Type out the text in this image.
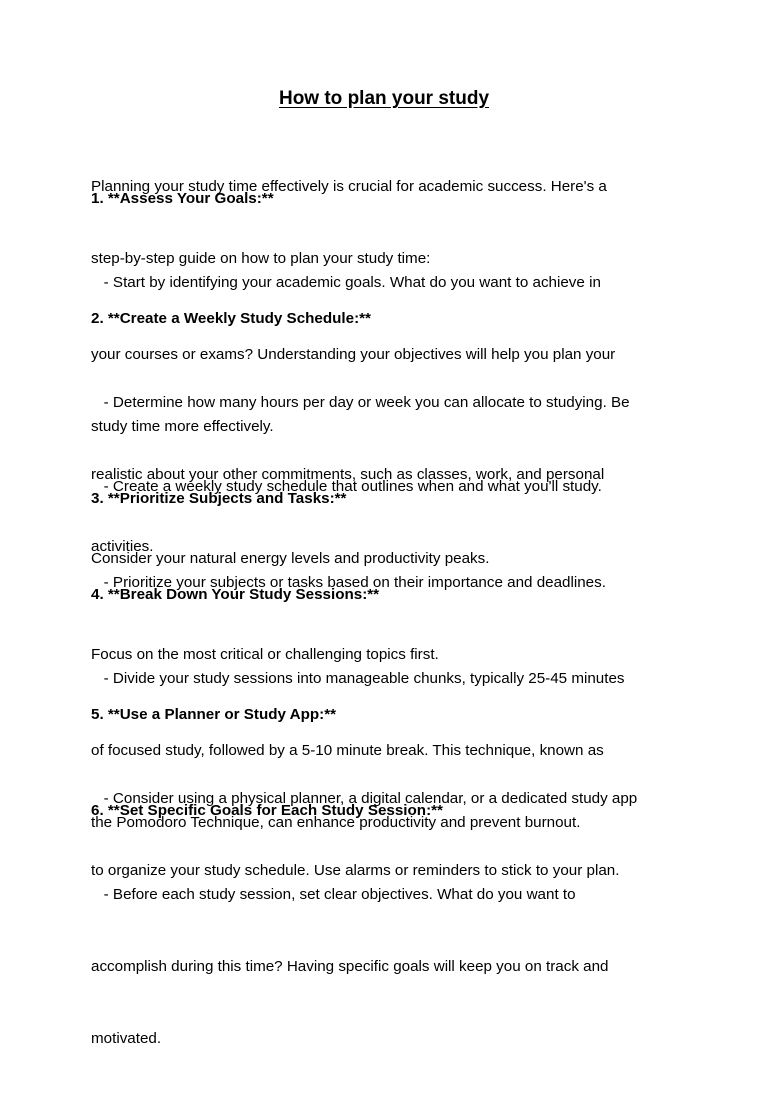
How to plan your study

Planning your study time effectively is crucial for academic success. Here's a

step-by-step guide on how to plan your study time:

1. **Assess Your Goals:**

- Start by identifying your academic goals. What do you want to achieve in

your courses or exams? Understanding your objectives will help you plan your

study time more effectively.

2. **Create a Weekly Study Schedule:**

- Determine how many hours per day or week you can allocate to studying. Be

realistic about your other commitments, such as classes, work, and personal

activities.

- Create a weekly study schedule that outlines when and what you'll study.

Consider your natural energy levels and productivity peaks.

3. **Prioritize Subjects and Tasks:**

- Prioritize your subjects or tasks based on their importance and deadlines.

Focus on the most critical or challenging topics first.

4. **Break Down Your Study Sessions:**

- Divide your study sessions into manageable chunks, typically 25-45 minutes

of focused study, followed by a 5-10 minute break. This technique, known as

the Pomodoro Technique, can enhance productivity and prevent burnout.

5. **Use a Planner or Study App:**

- Consider using a physical planner, a digital calendar, or a dedicated study app

to organize your study schedule. Use alarms or reminders to stick to your plan.

6. **Set Specific Goals for Each Study Session:**

- Before each study session, set clear objectives. What do you want to

accomplish during this time? Having specific goals will keep you on track and

motivated.
